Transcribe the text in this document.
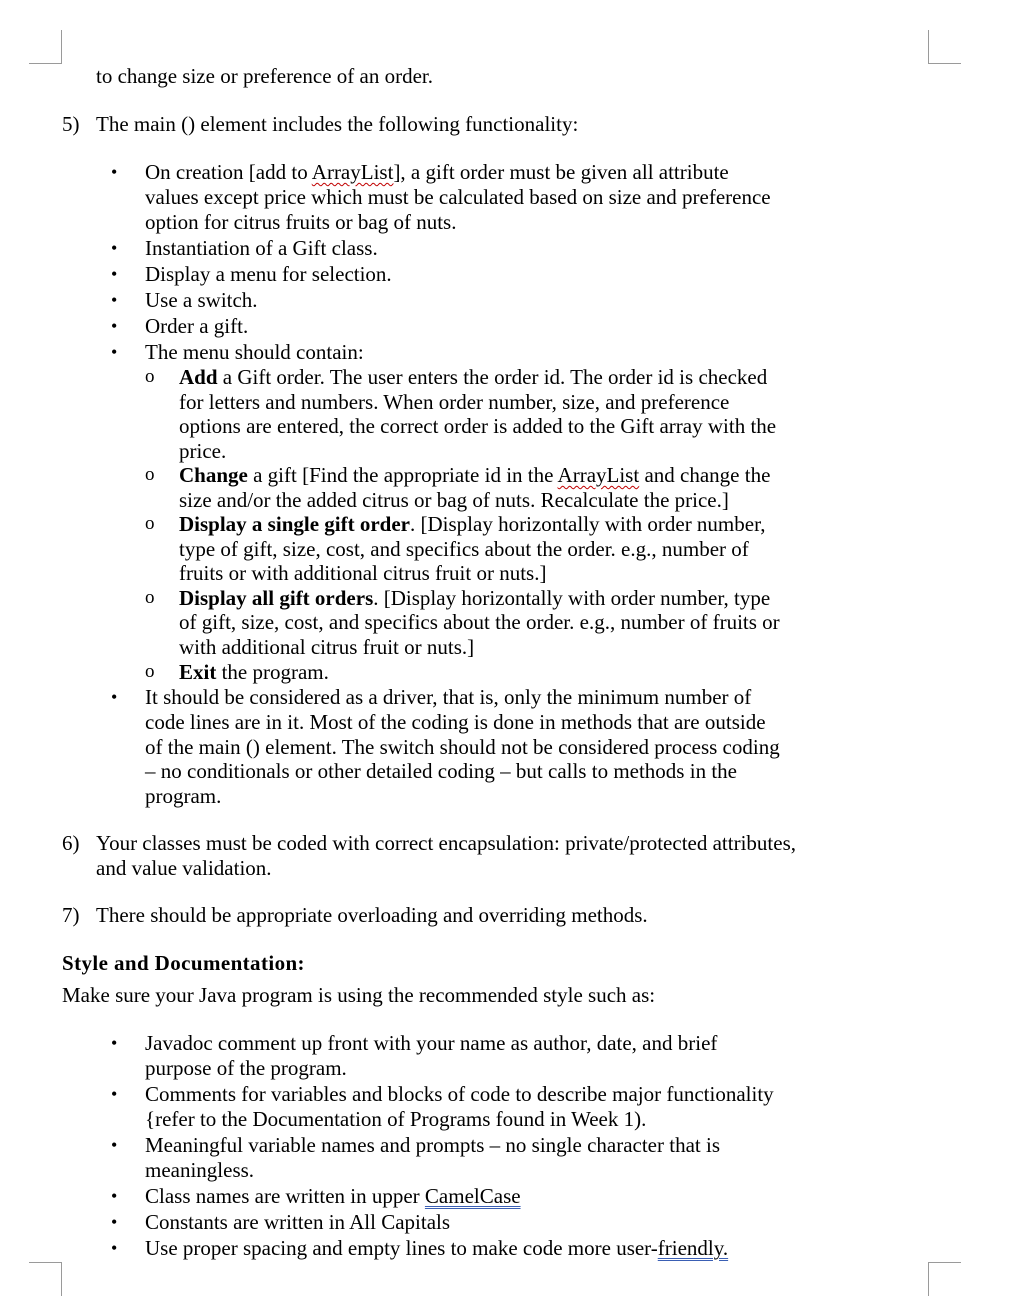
to change size or preference of an order.
5) The main () element includes the following functionality:
• On creation [add to ArrayList], a gift order must be given all attribute
values except price which must be calculated based on size and preference
option for citrus fruits or bag of nuts.
• Instantiation of a Gift class.
• Display a menu for selection.
• Use a switch.
• Order a gift.
• The menu should contain:
o Add a Gift order. The user enters the order id. The order id is checked
for letters and numbers. When order number, size, and preference
options are entered, the correct order is added to the Gift array with the
price.
o Change a gift [Find the appropriate id in the ArrayList and change the
size and/or the added citrus or bag of nuts. Recalculate the price.]
o Display a single gift order. [Display horizontally with order number,
type of gift, size, cost, and specifics about the order. e.g., number of
fruits or with additional citrus fruit or nuts.]
o Display all gift orders. [Display horizontally with order number, type
of gift, size, cost, and specifics about the order. e.g., number of fruits or
with additional citrus fruit or nuts.]
o Exit the program.
• It should be considered as a driver, that is, only the minimum number of
code lines are in it. Most of the coding is done in methods that are outside
of the main () element. The switch should not be considered process coding
– no conditionals or other detailed coding – but calls to methods in the
program.
6) Your classes must be coded with correct encapsulation: private/protected attributes,
and value validation.
7) There should be appropriate overloading and overriding methods.
Style and Documentation:
Make sure your Java program is using the recommended style such as:
• Javadoc comment up front with your name as author, date, and brief
purpose of the program.
• Comments for variables and blocks of code to describe major functionality
{refer to the Documentation of Programs found in Week 1).
• Meaningful variable names and prompts – no single character that is
meaningless.
• Class names are written in upper CamelCase
• Constants are written in All Capitals
• Use proper spacing and empty lines to make code more user-friendly.
